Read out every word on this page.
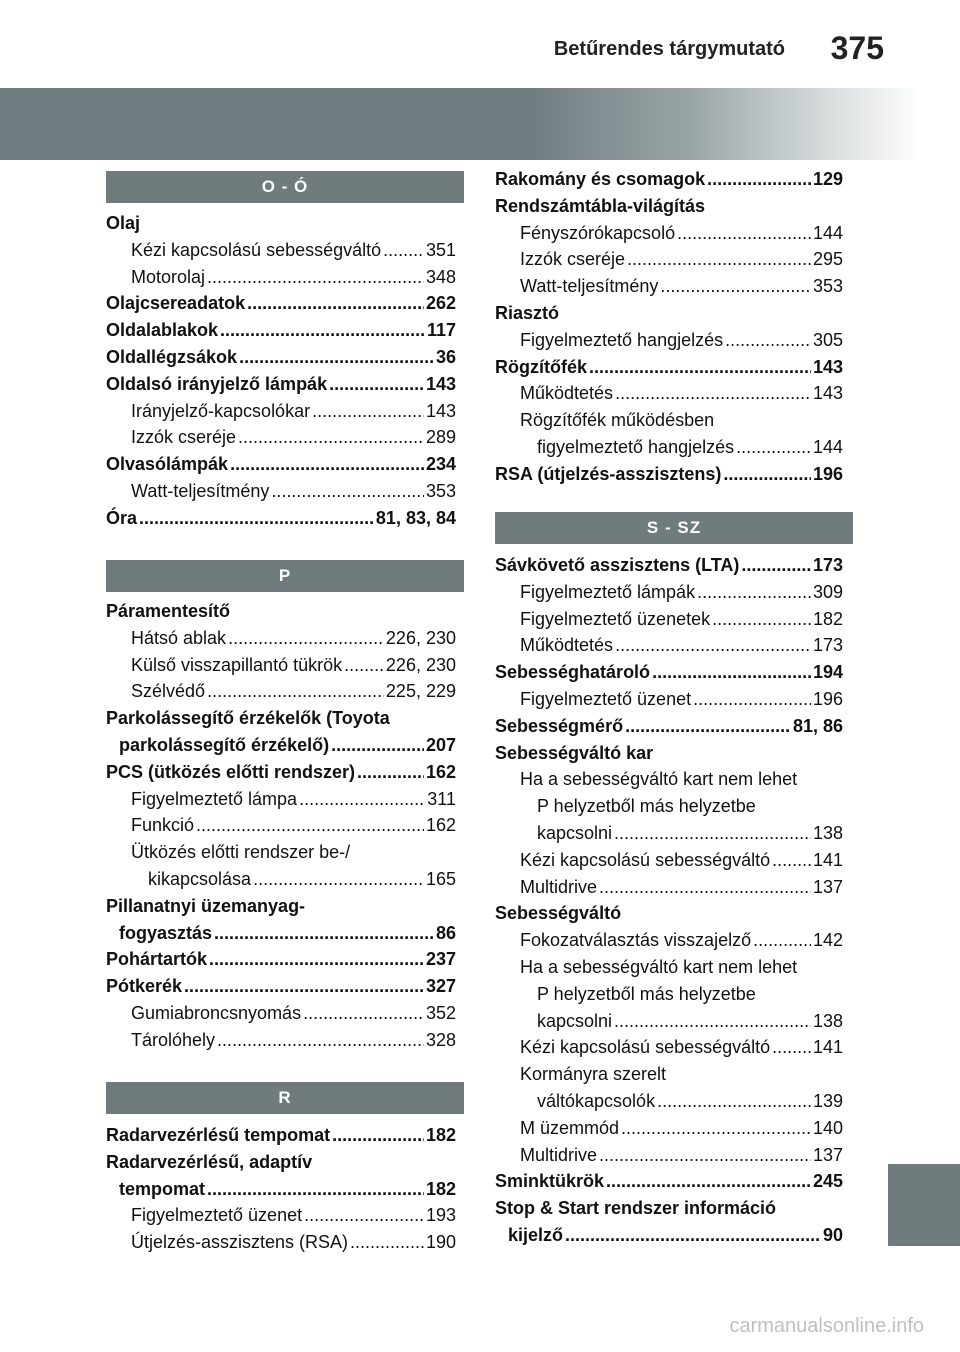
Betűrendes tárgymutató 375
O - Ó
Olaj
Kézi kapcsolású sebességváltó ..... 351
Motorolaj .....	348
Olajcsereadatok .....	262
Oldalablakok .....	117
Oldallégzsákok .....	36
Oldalsó irányjelző lámpák .....	143
Irányjelző-kapcsolókar .....	143
Izzók cseréje .....	289
Olvasólámpák .....	234
Watt-teljesítmény .....	353
Óra .....	81, 83, 84
P
Páramentesítő
Hátsó ablak .....	226, 230
Külső visszapillantó tükrök ..... 226, 230
Szélvédő .....	225, 229
Parkolássegítő érzékelők (Toyota
parkolássegítő érzékelő) .....	207
PCS (ütközés előtti rendszer) .....	162
Figyelmeztető lámpa .....	311
Funkció .....	162
Ütközés előtti rendszer be-/
kikapcsolása .....	165
Pillanatnyi üzemanyag-
fogyasztás .....	86
Pohártartók .....	237
Pótkerék .....	327
Gumiabroncsnyomás .....	352
Tárolóhely .....	328
R
Radarvezérlésű tempomat .....	182
Radarvezérlésű, adaptív
tempomat .....	182
Figyelmeztető üzenet .....	193
Útjelzés-asszisztens (RSA) .....	190
Rakomány és csomagok .....	129
Rendszámtábla-világítás
Fényszórókapcsoló .....	144
Izzók cseréje .....	295
Watt-teljesítmény .....	353
Riasztó
Figyelmeztető hangjelzés .....	305
Rögzítőfék .....	143
Működtetés .....	143
Rögzítőfék működésben
figyelmeztető hangjelzés .....	144
RSA (útjelzés-asszisztens) .....	196
S - SZ
Sávkövető asszisztens (LTA) .....	173
Figyelmeztető lámpák .....	309
Figyelmeztető üzenetek .....	182
Működtetés .....	173
Sebességhatároló .....	194
Figyelmeztető üzenet .....	196
Sebességmérő .....	81, 86
Sebességváltó kar
Ha a sebességváltó kart nem lehet
P helyzetből más helyzetbe
kapcsolni .....	138
Kézi kapcsolású sebességváltó ..... 141
Multidrive .....	137
Sebességváltó
Fokozatválasztás visszajelző .....	142
Ha a sebességváltó kart nem lehet
P helyzetből más helyzetbe
kapcsolni .....	138
Kézi kapcsolású sebességváltó ..... 141
Kormányra szerelt
váltókapcsolók .....	139
M üzemmód .....	140
Multidrive .....	137
Sminktükrök .....	245
Stop & Start rendszer információ
kijelző .....	90
carmanualsonline.info
